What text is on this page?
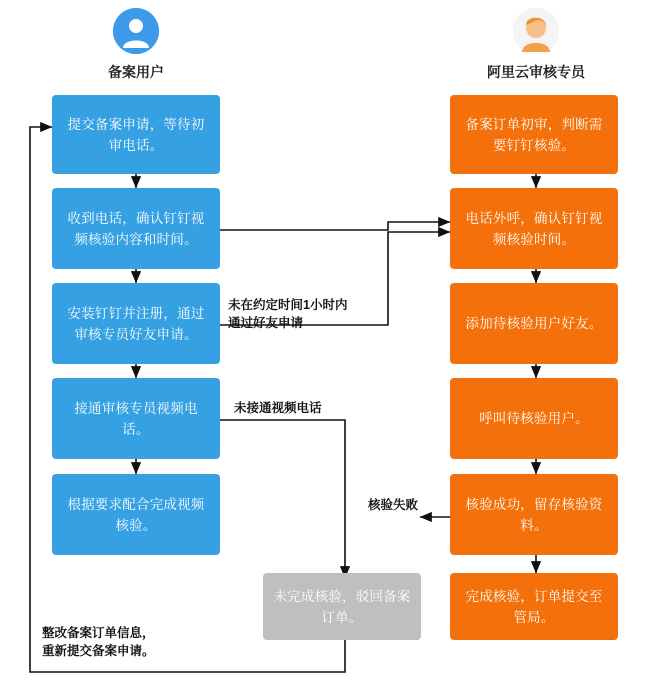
备案用户	阿里云审核专员
提交备案申请，等待初审电话。
收到电话，确认钉钉视频核验内容和时间。
安装钉钉并注册，通过审核专员好友申请。
接通审核专员视频电话。
根据要求配合完成视频核验。
备案订单初审，判断需要钉钉核验。
电话外呼，确认钉钉视频核验时间。
添加待核验用户好友。
呼叫待核验用户。
核验成功，留存核验资料。
完成核验，订单提交至管局。
未完成核验，驳回备案订单。
未在约定时间1小时内
通过好友申请
未接通视频电话
核验失败
整改备案订单信息，
重新提交备案申请。
